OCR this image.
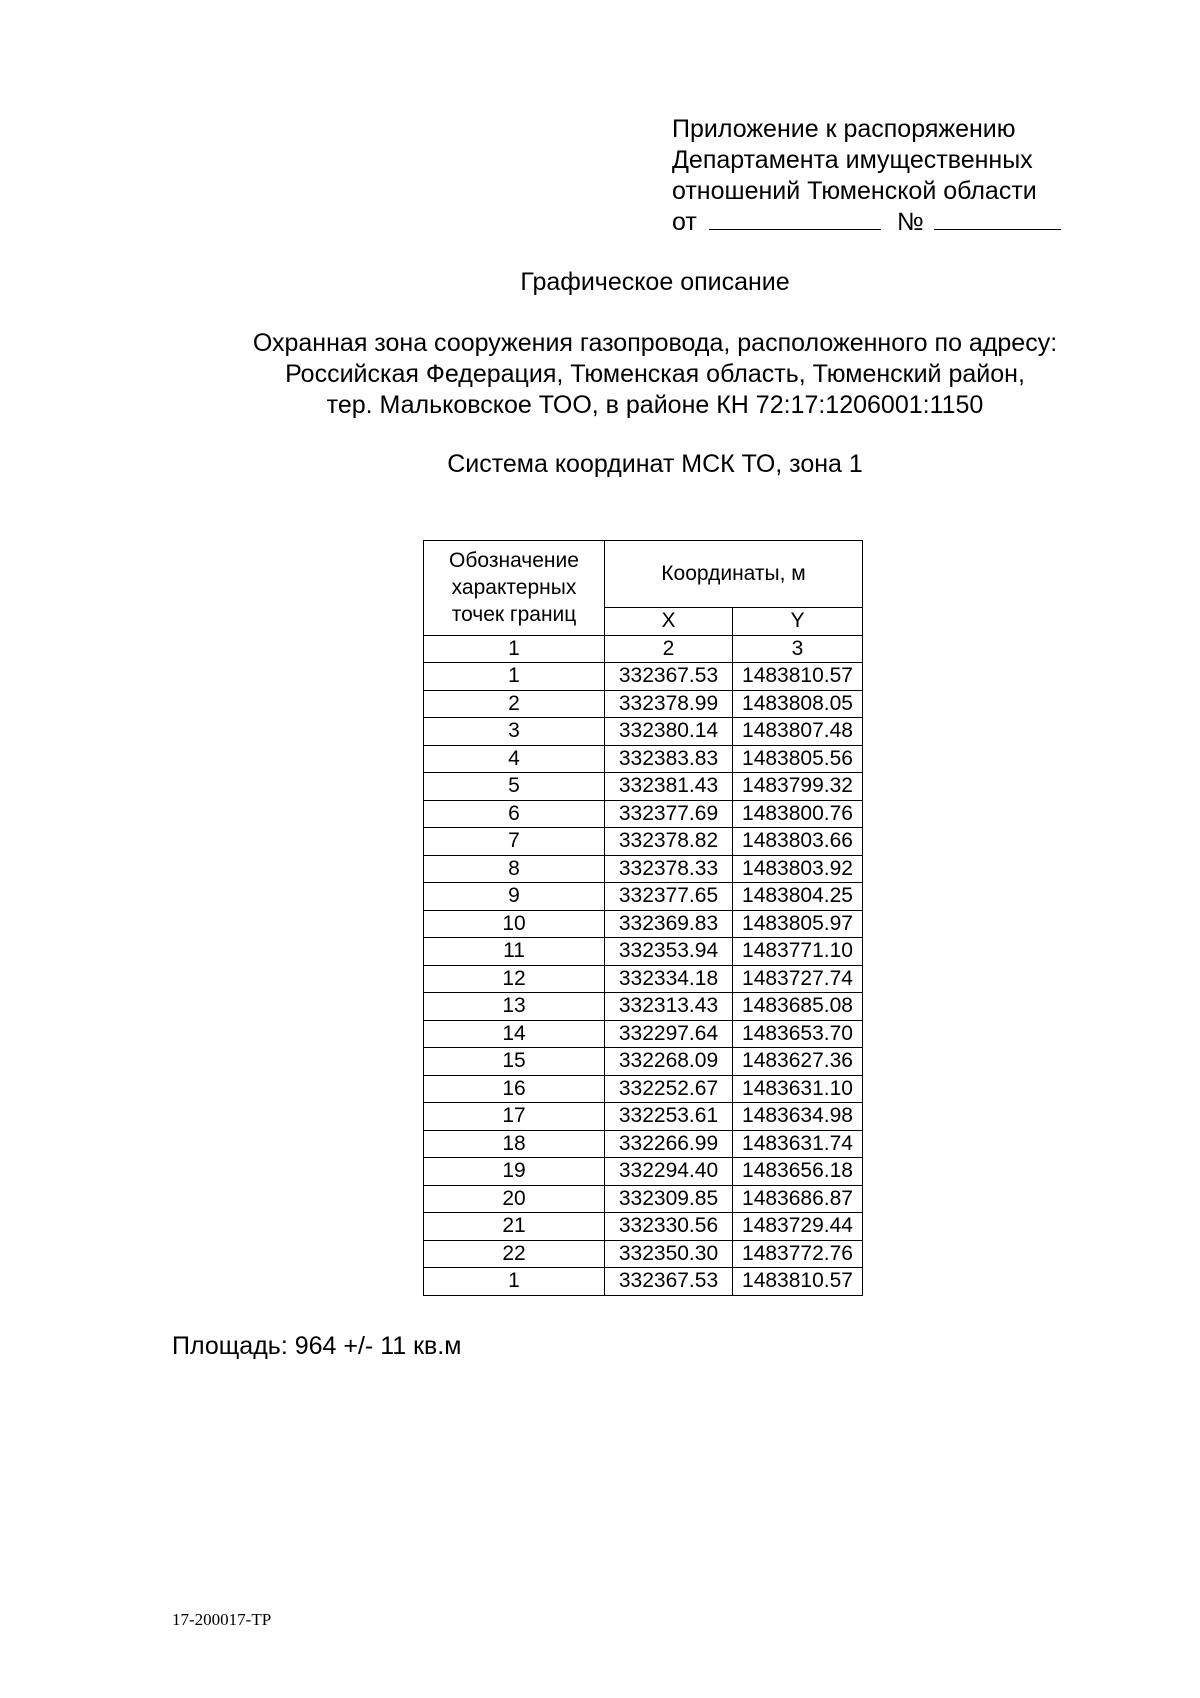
Приложение к распоряжению
Департамента имущественных
отношений Тюменской области
от	№
Графическое описание
Охранная зона сооружения газопровода, расположенного по адресу:
Российская Федерация, Тюменская область, Тюменский район,
тер. Мальковское ТОО, в районе КН 72:17:1206001:1150
Система координат МСК ТО, зона 1
Обозначение характерных точек границ	Координаты, м	
	X	Y
1	2	3
1	332367.53	1483810.57
2	332378.99	1483808.05
3	332380.14	1483807.48
4	332383.83	1483805.56
5	332381.43	1483799.32
6	332377.69	1483800.76
7	332378.82	1483803.66
8	332378.33	1483803.92
9	332377.65	1483804.25
10	332369.83	1483805.97
11	332353.94	1483771.10
12	332334.18	1483727.74
13	332313.43	1483685.08
14	332297.64	1483653.70
15	332268.09	1483627.36
16	332252.67	1483631.10
17	332253.61	1483634.98
18	332266.99	1483631.74
19	332294.40	1483656.18
20	332309.85	1483686.87
21	332330.56	1483729.44
22	332350.30	1483772.76
1	332367.53	1483810.57
Площадь: 964 +/- 11 кв.м
17-200017-ТР
